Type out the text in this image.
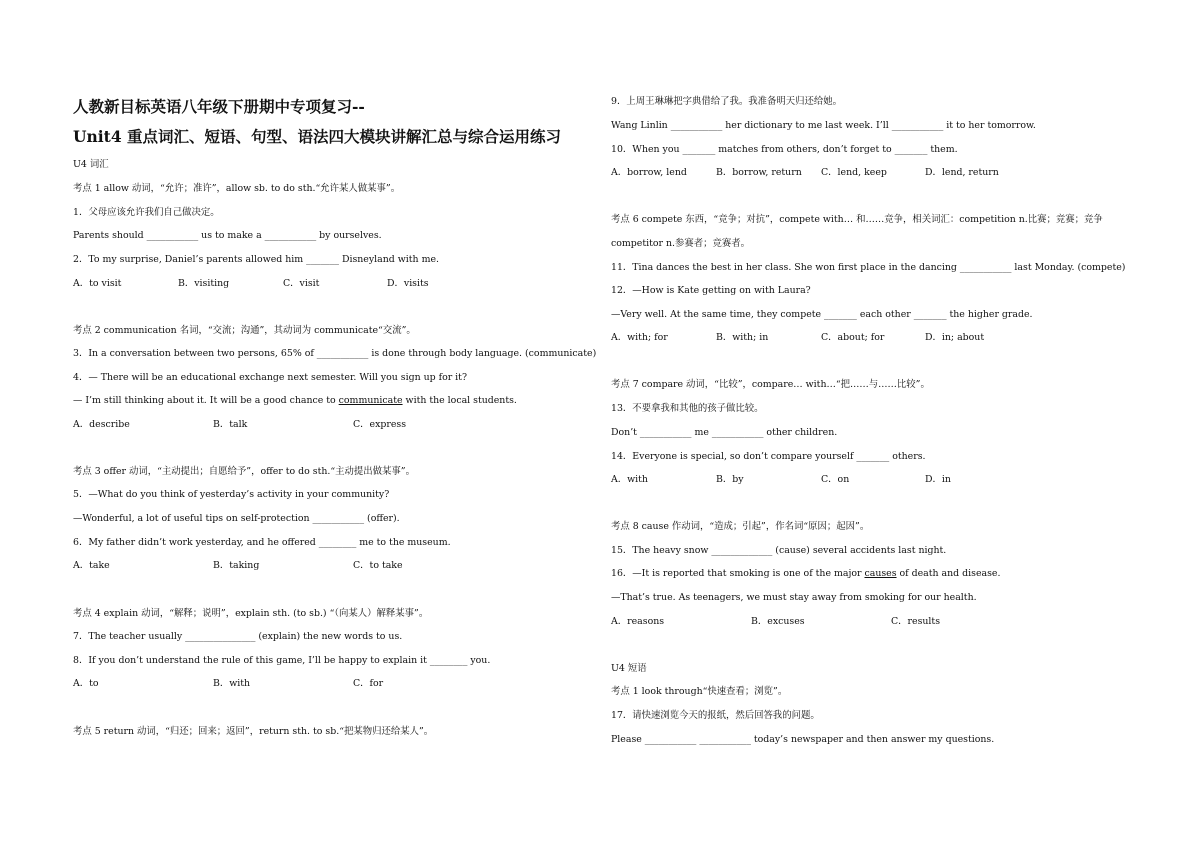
人教新目标英语八年级下册期中专项复习--
Unit4 重点词汇、短语、句型、语法四大模块讲解汇总与综合运用练习
U4 词汇
考点 1 allow 动词，“允许；准许”，allow sb. to do sth.“允许某人做某事”。
1．父母应该允许我们自己做决定。
Parents should ___________ us to make a ___________ by ourselves.
2．To my surprise, Daniel’s parents allowed him _______ Disneyland with me.
A．to visit	B．visiting	C．visit	D．visits
考点 2 communication 名词，“交流；沟通”，其动词为 communicate“交流”。
3．In a conversation between two persons, 65% of ___________ is done through body language. (communicate)
4．— There will be an educational exchange next semester. Will you sign up for it?
— I’m still thinking about it. It will be a good chance to communicate with the local students.
A．describe	B．talk	C．express
考点 3 offer 动词，“主动提出；自愿给予”，offer to do sth.“主动提出做某事”。
5．—What do you think of yesterday’s activity in your community?
—Wonderful, a lot of useful tips on self-protection ___________ (offer).
6．My father didn’t work yesterday, and he offered ________ me to the museum.
A．take	B．taking	C．to take
考点 4 explain 动词，“解释；说明”，explain sth. (to sb.) “（向某人）解释某事”。
7．The teacher usually _______________ (explain) the new words to us.
8．If you don’t understand the rule of this game, I’ll be happy to explain it ________ you.
A．to	B．with	C．for
考点 5 return 动词，“归还；回来；返回”，return sth. to sb.“把某物归还给某人”。
9．上周王琳琳把字典借给了我。我准备明天归还给她。
Wang Linlin ___________ her dictionary to me last week. I’ll ___________ it to her tomorrow.
10．When you _______ matches from others, don’t forget to _______ them.
A．borrow, lend	B．borrow, return C．lend, keep	D．lend, return
考点 6 compete 东西，“竞争；对抗”，compete with… 和……竞争，相关词汇：competition n.比赛；竞赛；竞争
competitor n.参赛者；竞赛者。
11．Tina dances the best in her class. She won first place in the dancing ___________ last Monday. (compete)
12．—How is Kate getting on with Laura?
—Very well. At the same time, they compete _______ each other _______ the higher grade.
A．with; for	B．with; in	C．about; for	D．in; about
考点 7 compare 动词，“比较”，compare… with…“把……与……比较”。
13．不要拿我和其他的孩子做比较。
Don’t ___________ me ___________ other children.
14．Everyone is special, so don’t compare yourself _______ others.
A．with	B．by	C．on	D．in
考点 8 cause 作动词，“造成；引起”，作名词“原因；起因”。
15．The heavy snow _____________ (cause) several accidents last night.
16．—It is reported that smoking is one of the major causes of death and disease.
—That’s true. As teenagers, we must stay away from smoking for our health.
A．reasons	B．excuses	C．results
U4 短语
考点 1 look through“快速查看；浏览”。
17．请快速浏览今天的报纸，然后回答我的问题。
Please ___________ ___________ today’s newspaper and then answer my questions.
